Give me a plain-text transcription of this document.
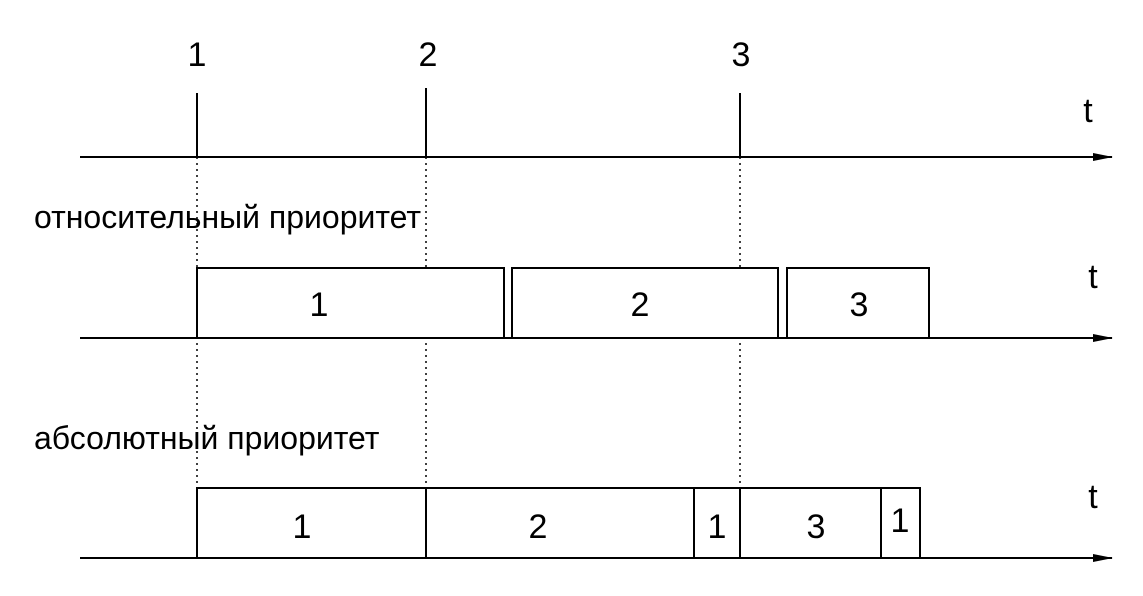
1	2	3
t
относительный приоритет
1	2	3
t
абсолютный приоритет
1	2	1 3 1
t
